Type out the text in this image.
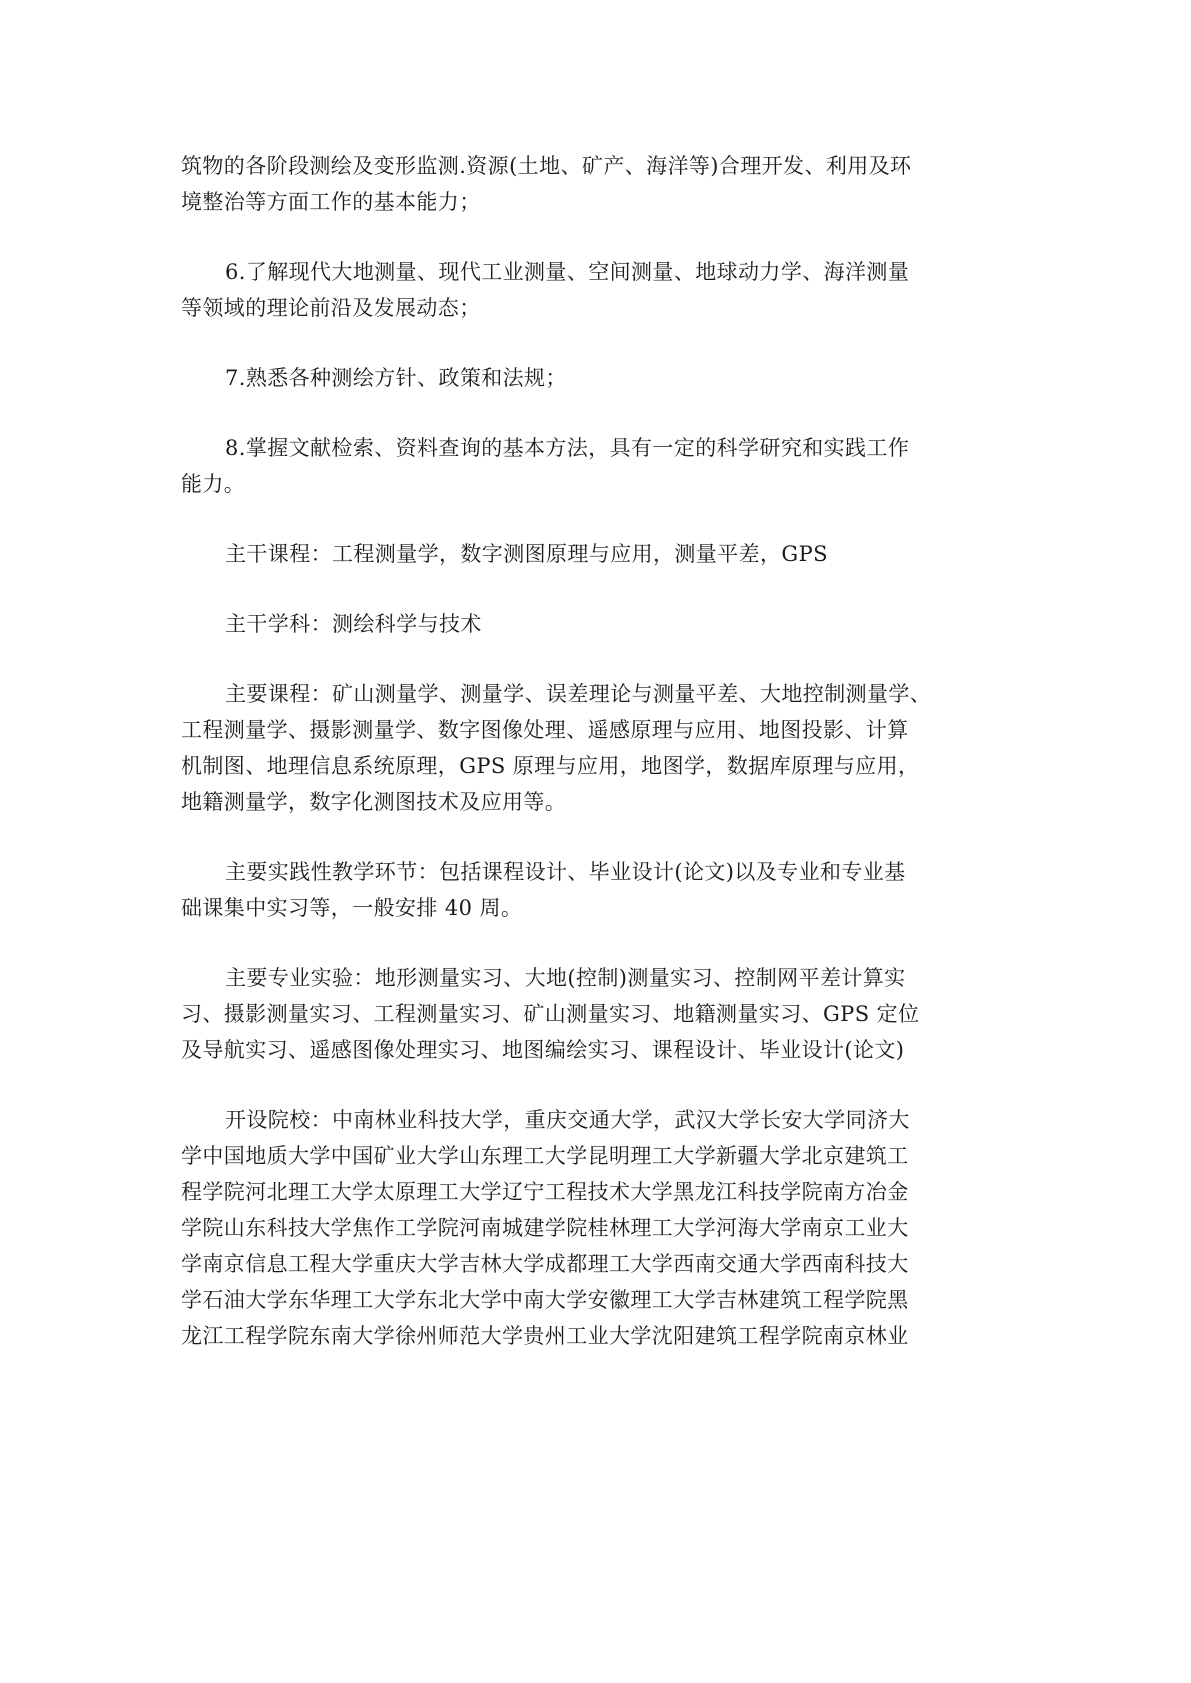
筑物的各阶段测绘及变形监测.资源(土地、矿产、海洋等)合理开发、利用及环
境整治等方面工作的基本能力；
6.了解现代大地测量、现代工业测量、空间测量、地球动力学、海洋测量
等领域的理论前沿及发展动态；
7.熟悉各种测绘方针、政策和法规；
8.掌握文献检索、资料查询的基本方法，具有一定的科学研究和实践工作
能力。
主干课程：工程测量学，数字测图原理与应用，测量平差，GPS
主干学科：测绘科学与技术
主要课程：矿山测量学、测量学、误差理论与测量平差、大地控制测量学、
工程测量学、摄影测量学、数字图像处理、遥感原理与应用、地图投影、计算
机制图、地理信息系统原理，GPS 原理与应用，地图学，数据库原理与应用，
地籍测量学，数字化测图技术及应用等。
主要实践性教学环节：包括课程设计、毕业设计(论文)以及专业和专业基
础课集中实习等，一般安排 40 周。
主要专业实验：地形测量实习、大地(控制)测量实习、控制网平差计算实
习、摄影测量实习、工程测量实习、矿山测量实习、地籍测量实习、GPS 定位
及导航实习、遥感图像处理实习、地图编绘实习、课程设计、毕业设计(论文)
开设院校：中南林业科技大学，重庆交通大学，武汉大学长安大学同济大
学中国地质大学中国矿业大学山东理工大学昆明理工大学新疆大学北京建筑工
程学院河北理工大学太原理工大学辽宁工程技术大学黑龙江科技学院南方冶金
学院山东科技大学焦作工学院河南城建学院桂林理工大学河海大学南京工业大
学南京信息工程大学重庆大学吉林大学成都理工大学西南交通大学西南科技大
学石油大学东华理工大学东北大学中南大学安徽理工大学吉林建筑工程学院黑
龙江工程学院东南大学徐州师范大学贵州工业大学沈阳建筑工程学院南京林业
